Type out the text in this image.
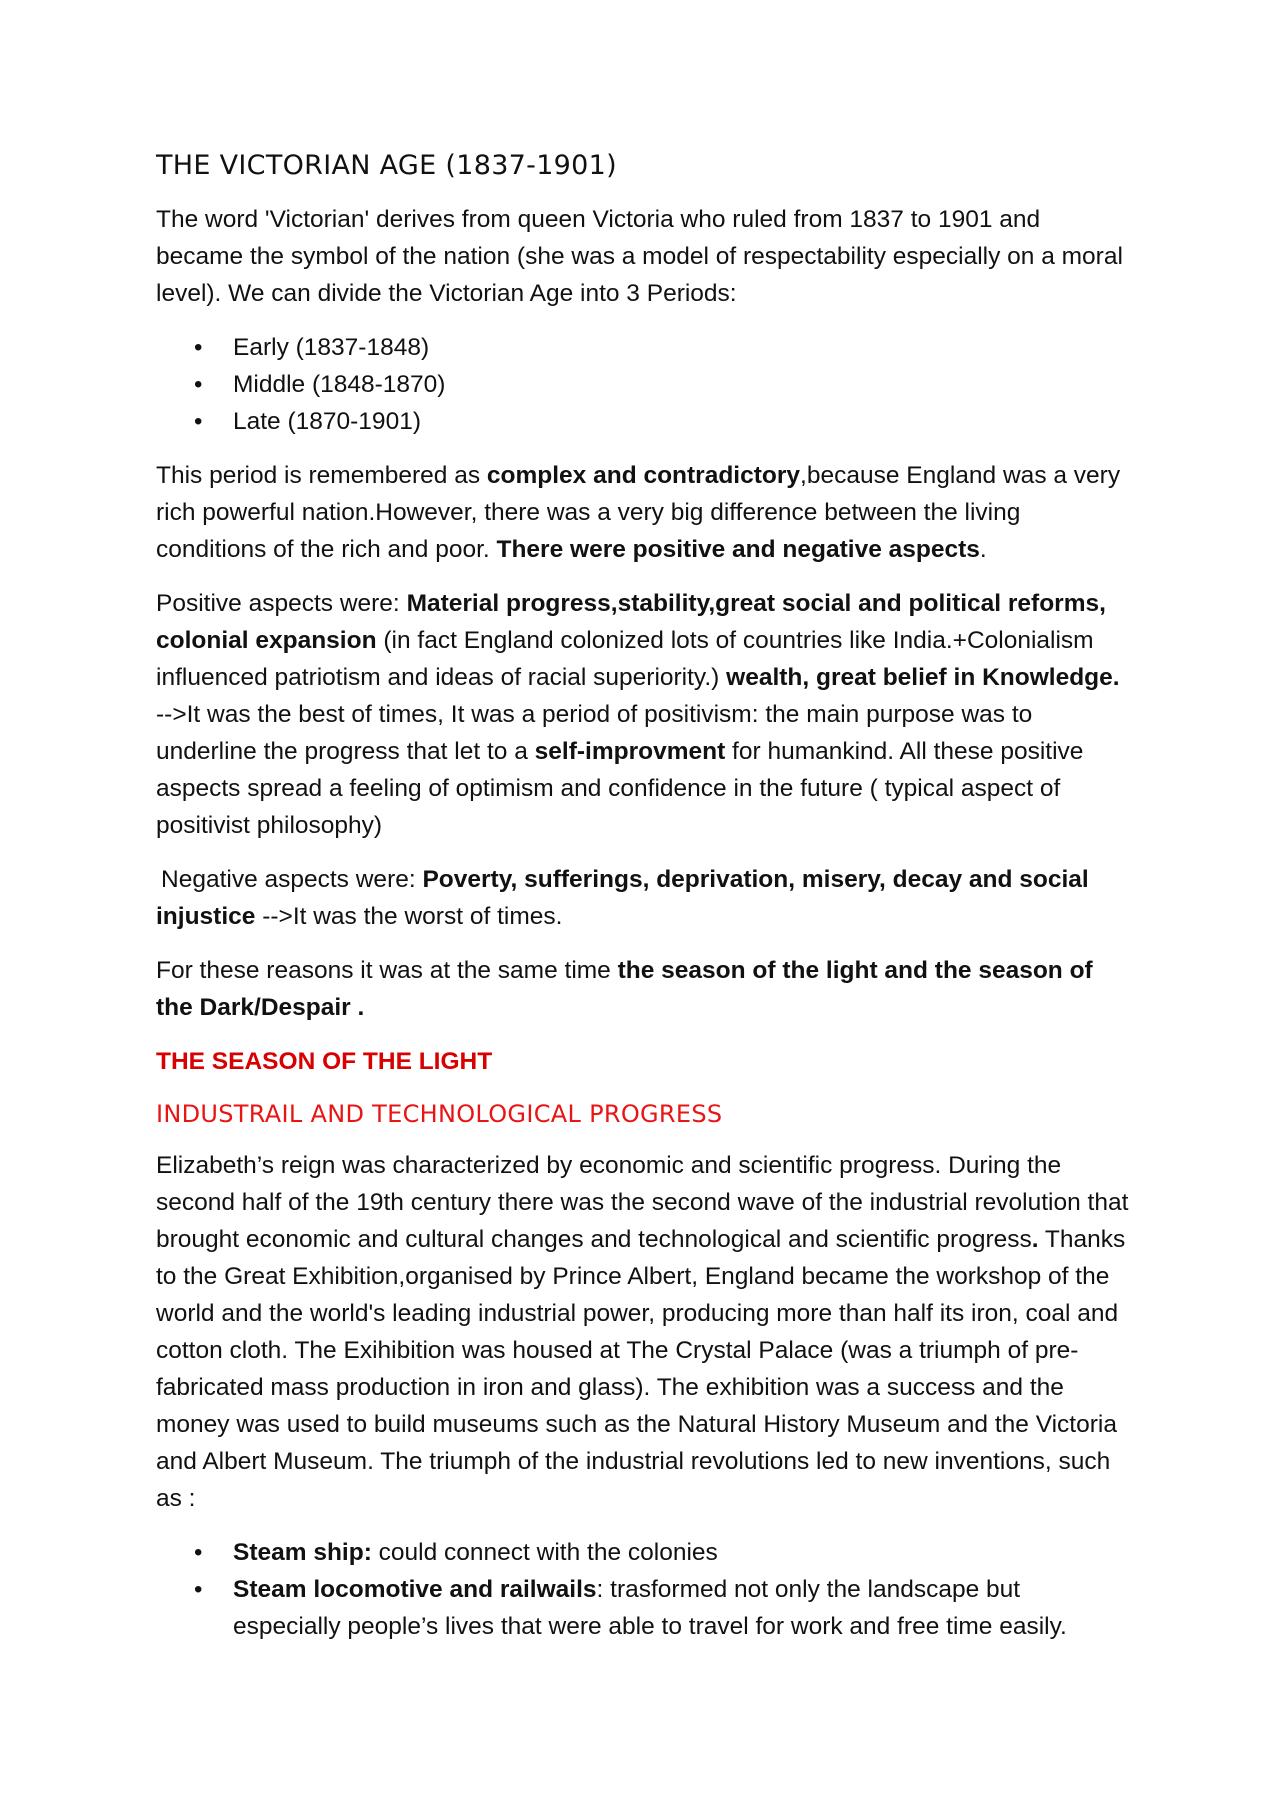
THE VICTORIAN AGE (1837-1901)

The word 'Victorian' derives from queen Victoria who ruled from 1837 to 1901 and became the symbol of the nation (she was a model of respectability especially on a moral level). We can divide the Victorian Age into 3 Periods:

• Early (1837-1848)
• Middle (1848-1870)
• Late (1870-1901)

This period is remembered as complex and contradictory,because England was a very rich powerful nation.However, there was a very big difference between the living conditions of the rich and poor. There were positive and negative aspects.

Positive aspects were: Material progress,stability,great social and political reforms, colonial expansion (in fact England colonized lots of countries like India.+Colonialism influenced patriotism and ideas of racial superiority.) wealth, great belief in Knowledge. -->It was the best of times, It was a period of positivism: the main purpose was to underline the progress that let to a self-improvment for humankind. All these positive aspects spread a feeling of optimism and confidence in the future ( typical aspect of positivist philosophy)

Negative aspects were: Poverty, sufferings, deprivation, misery, decay and social injustice -->It was the worst of times.

For these reasons it was at the same time the season of the light and the season of the Dark/Despair .

THE SEASON OF THE LIGHT
INDUSTRAIL AND TECHNOLOGICAL PROGRESS

Elizabeth’s reign was characterized by economic and scientific progress. During the second half of the 19th century there was the second wave of the industrial revolution that brought economic and cultural changes and technological and scientific progress. Thanks to the Great Exhibition,organised by Prince Albert, England became the workshop of the world and the world's leading industrial power, producing more than half its iron, coal and cotton cloth. The Exihibition was housed at The Crystal Palace (was a triumph of pre-fabricated mass production in iron and glass). The exhibition was a success and the money was used to build museums such as the Natural History Museum and the Victoria and Albert Museum. The triumph of the industrial revolutions led to new inventions, such as :

• Steam ship: could connect with the colonies
• Steam locomotive and railwails: trasformed not only the landscape but especially people’s lives that were able to travel for work and free time easily.
